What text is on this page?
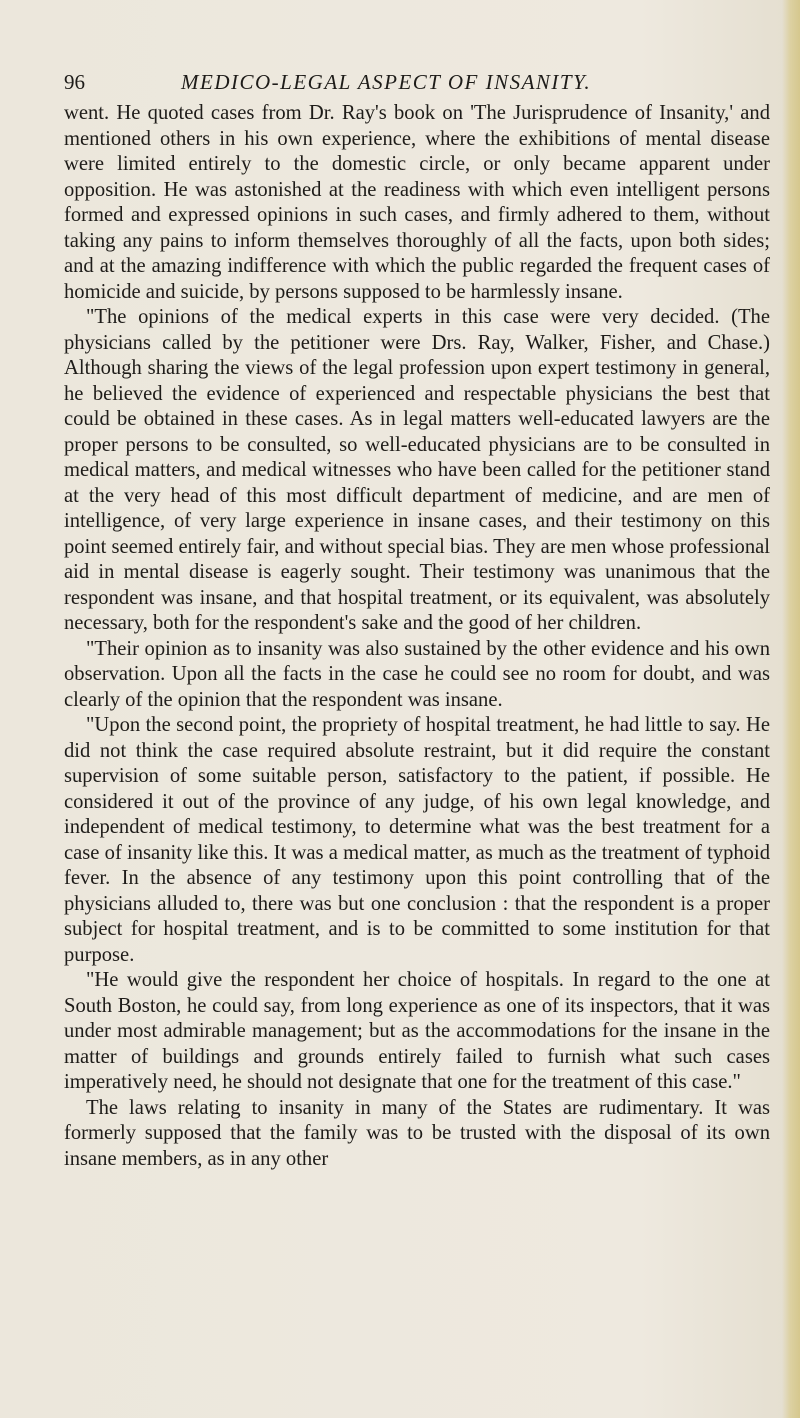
96	MEDICO-LEGAL ASPECT OF INSANITY.

went. He quoted cases from Dr. Ray's book on 'The Jurisprudence of Insanity,' and mentioned others in his own experience, where the exhibitions of mental disease were limited entirely to the domestic circle, or only became apparent under opposition. He was astonished at the readiness with which even intelligent persons formed and expressed opinions in such cases, and firmly adhered to them, without taking any pains to inform themselves thoroughly of all the facts, upon both sides; and at the amazing indifference with which the public regarded the frequent cases of homicide and suicide, by persons supposed to be harmlessly insane.

"The opinions of the medical experts in this case were very decided. (The physicians called by the petitioner were Drs. Ray, Walker, Fisher, and Chase.) Although sharing the views of the legal profession upon expert testimony in general, he believed the evidence of experienced and respectable physicians the best that could be obtained in these cases. As in legal matters well-educated lawyers are the proper persons to be consulted, so well-educated physicians are to be consulted in medical matters, and medical witnesses who have been called for the petitioner stand at the very head of this most difficult department of medicine, and are men of intelligence, of very large experience in insane cases, and their testimony on this point seemed entirely fair, and without special bias. They are men whose professional aid in mental disease is eagerly sought. Their testimony was unanimous that the respondent was insane, and that hospital treatment, or its equivalent, was absolutely necessary, both for the respondent's sake and the good of her children.

"Their opinion as to insanity was also sustained by the other evidence and his own observation. Upon all the facts in the case he could see no room for doubt, and was clearly of the opinion that the respondent was insane.

"Upon the second point, the propriety of hospital treatment, he had little to say. He did not think the case required absolute restraint, but it did require the constant supervision of some suitable person, satisfactory to the patient, if possible. He considered it out of the province of any judge, of his own legal knowledge, and independent of medical testimony, to determine what was the best treatment for a case of insanity like this. It was a medical matter, as much as the treatment of typhoid fever. In the absence of any testimony upon this point controlling that of the physicians alluded to, there was but one conclusion : that the respondent is a proper subject for hospital treatment, and is to be committed to some institution for that purpose.

"He would give the respondent her choice of hospitals. In regard to the one at South Boston, he could say, from long experience as one of its inspectors, that it was under most admirable management; but as the accommodations for the insane in the matter of buildings and grounds entirely failed to furnish what such cases imperatively need, he should not designate that one for the treatment of this case."

The laws relating to insanity in many of the States are rudimentary. It was formerly supposed that the family was to be trusted with the disposal of its own insane members, as in any other
